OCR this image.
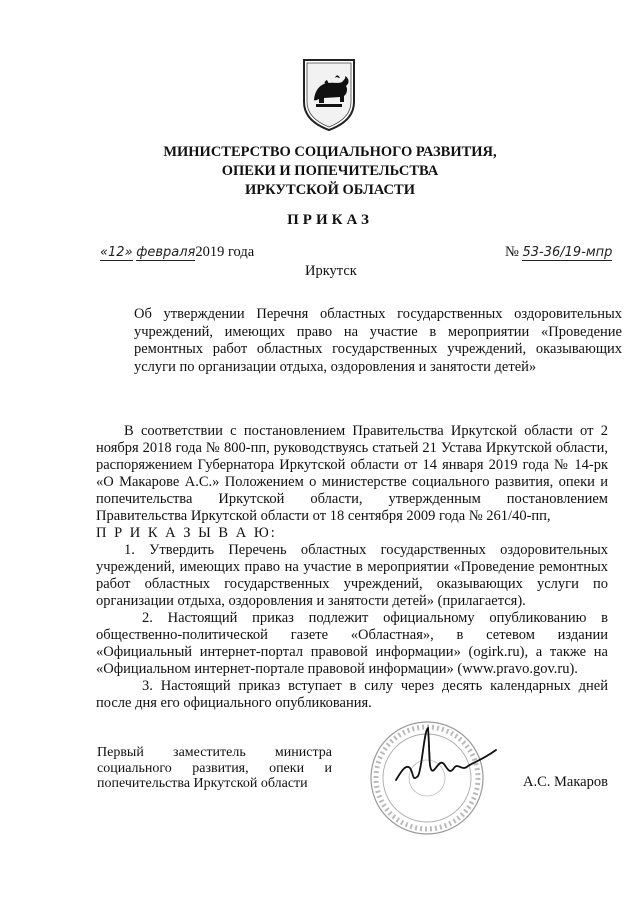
МИНИСТЕРСТВО СОЦИАЛЬНОГО РАЗВИТИЯ,
ОПЕКИ И ПОПЕЧИТЕЛЬСТВА
ИРКУТСКОЙ ОБЛАСТИ
ПРИКАЗ
«12» февраля2019 года	№ 53-36/19-мпр
Иркутск
Об утверждении Перечня областных государственных оздоровительных учреждений, имеющих право на участие в мероприятии «Проведение ремонтных работ областных государственных учреждений, оказывающих услуги по организации отдыха, оздоровления и занятости детей»

В соответствии с постановлением Правительства Иркутской области от 2 ноября 2018 года № 800-пп, руководствуясь статьей 21 Устава Иркутской области, распоряжением Губернатора Иркутской области от 14 января 2019 года № 14-рк «О Макарове А.С.» Положением о министерстве социального развития, опеки и попечительства Иркутской области, утвержденным постановлением Правительства Иркутской области от 18 сентября 2009 года № 261/40-пп,

П Р И К А З Ы В А Ю:

1. Утвердить Перечень областных государственных оздоровительных учреждений, имеющих право на участие в мероприятии «Проведение ремонтных работ областных государственных учреждений, оказывающих услуги по организации отдыха, оздоровления и занятости детей» (прилагается).

2. Настоящий приказ подлежит официальному опубликованию в общественно-политической газете «Областная», в сетевом издании «Официальный интернет-портал правовой информации» (ogirk.ru), а также на «Официальном интернет-портале правовой информации» (www.pravo.gov.ru).

3. Настоящий приказ вступает в силу через десять календарных дней после дня его официального опубликования.

Первый заместитель министра социального развития, опеки и попечительства Иркутской области	А.С. Макаров
